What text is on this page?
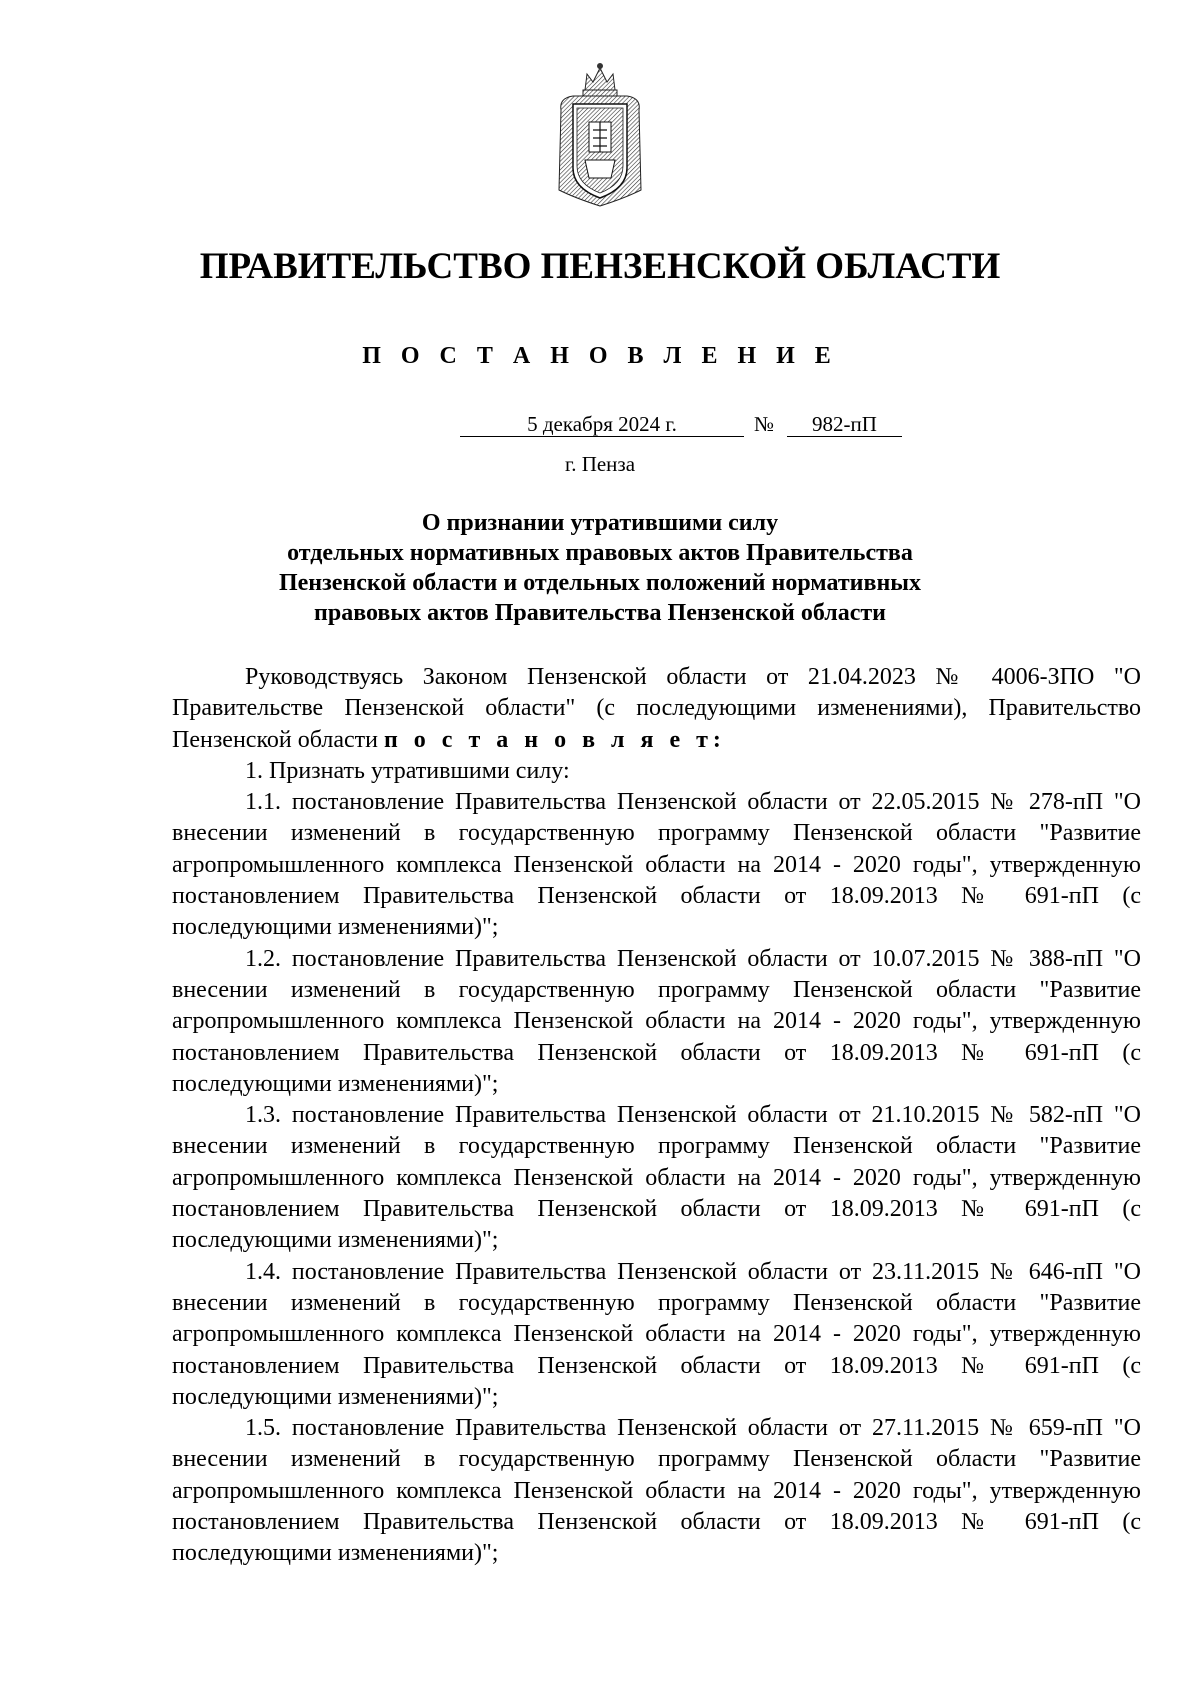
ПРАВИТЕЛЬСТВО ПЕНЗЕНСКОЙ ОБЛАСТИ
П О С Т А Н О В Л Е Н И Е
5 декабря 2024 г.	№	982-пП
г. Пенза
О признании утратившими силу
отдельных нормативных правовых актов Правительства
Пензенской области и отдельных положений нормативных
правовых актов Правительства Пензенской области

Руководствуясь Законом Пензенской области от 21.04.2023 № 4006-ЗПО "О Правительстве Пензенской области" (с последующими изменениями), Правительство Пензенской области п о с т а н о в л я е т:

1. Признать утратившими силу:

1.1. постановление Правительства Пензенской области от 22.05.2015 № 278-пП "О внесении изменений в государственную программу Пензенской области "Развитие агропромышленного комплекса Пензенской области на 2014 - 2020 годы", утвержденную постановлением Правительства Пензенской области от 18.09.2013 № 691-пП (с последующими изменениями)";

1.2. постановление Правительства Пензенской области от 10.07.2015 № 388-пП "О внесении изменений в государственную программу Пензенской области "Развитие агропромышленного комплекса Пензенской области на 2014 - 2020 годы", утвержденную постановлением Правительства Пензенской области от 18.09.2013 № 691-пП (с последующими изменениями)";

1.3. постановление Правительства Пензенской области от 21.10.2015 № 582-пП "О внесении изменений в государственную программу Пензенской области "Развитие агропромышленного комплекса Пензенской области на 2014 - 2020 годы", утвержденную постановлением Правительства Пензенской области от 18.09.2013 № 691-пП (с последующими изменениями)";

1.4. постановление Правительства Пензенской области от 23.11.2015 № 646-пП "О внесении изменений в государственную программу Пензенской области "Развитие агропромышленного комплекса Пензенской области на 2014 - 2020 годы", утвержденную постановлением Правительства Пензенской области от 18.09.2013 № 691-пП (с последующими изменениями)";

1.5. постановление Правительства Пензенской области от 27.11.2015 № 659-пП "О внесении изменений в государственную программу Пензенской области "Развитие агропромышленного комплекса Пензенской области на 2014 - 2020 годы", утвержденную постановлением Правительства Пензенской области от 18.09.2013 № 691-пП (с последующими изменениями)";
